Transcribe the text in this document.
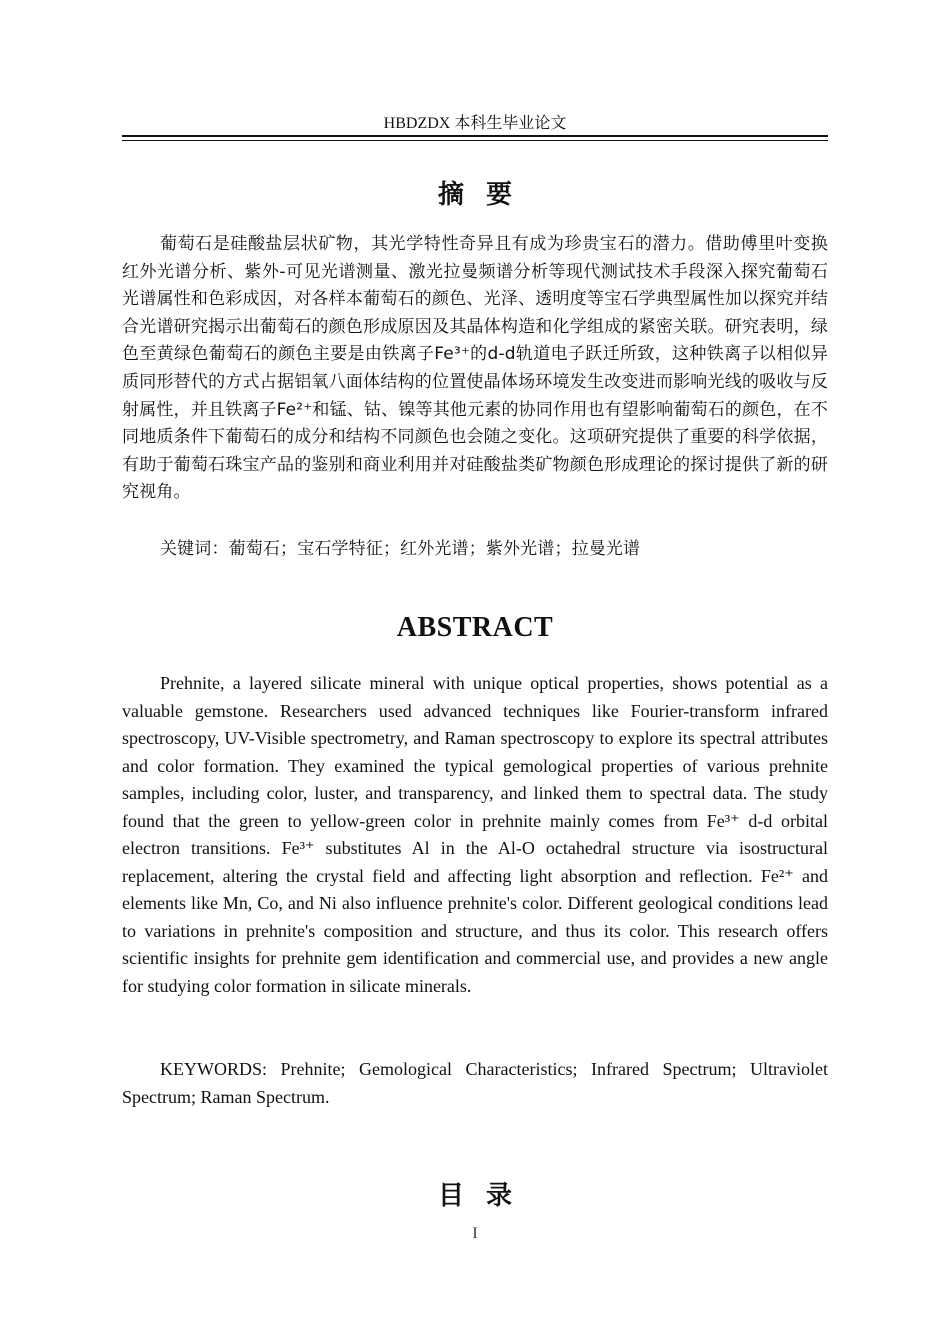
HBDZDX 本科生毕业论文
摘要

葡萄石是硅酸盐层状矿物，其光学特性奇异且有成为珍贵宝石的潜力。借助傅里叶变换红外光谱分析、紫外-可见光谱测量、激光拉曼频谱分析等现代测试技术手段深入探究葡萄石光谱属性和色彩成因，对各样本葡萄石的颜色、光泽、透明度等宝石学典型属性加以探究并结合光谱研究揭示出葡萄石的颜色形成原因及其晶体构造和化学组成的紧密关联。研究表明，绿色至黄绿色葡萄石的颜色主要是由铁离子Fe³⁺的d-d轨道电子跃迁所致，这种铁离子以相似异质同形替代的方式占据铝氧八面体结构的位置使晶体场环境发生改变进而影响光线的吸收与反射属性，并且铁离子Fe²⁺和锰、钴、镍等其他元素的协同作用也有望影响葡萄石的颜色，在不同地质条件下葡萄石的成分和结构不同颜色也会随之变化。这项研究提供了重要的科学依据，有助于葡萄石珠宝产品的鉴别和商业利用并对硅酸盐类矿物颜色形成理论的探讨提供了新的研究视角。

关键词：葡萄石；宝石学特征；红外光谱；紫外光谱；拉曼光谱

ABSTRACT

Prehnite, a layered silicate mineral with unique optical properties, shows potential as a valuable gemstone. Researchers used advanced techniques like Fourier-transform infrared spectroscopy, UV-Visible spectrometry, and Raman spectroscopy to explore its spectral attributes and color formation. They examined the typical gemological properties of various prehnite samples, including color, luster, and transparency, and linked them to spectral data. The study found that the green to yellow-green color in prehnite mainly comes from Fe³⁺ d-d orbital electron transitions. Fe³⁺ substitutes Al in the Al-O octahedral structure via isostructural replacement, altering the crystal field and affecting light absorption and reflection. Fe²⁺ and elements like Mn, Co, and Ni also influence prehnite's color. Different geological conditions lead to variations in prehnite's composition and structure, and thus its color. This research offers scientific insights for prehnite gem identification and commercial use, and provides a new angle for studying color formation in silicate minerals.

KEYWORDS: Prehnite; Gemological Characteristics; Infrared Spectrum; Ultraviolet Spectrum; Raman Spectrum.

目录
I
